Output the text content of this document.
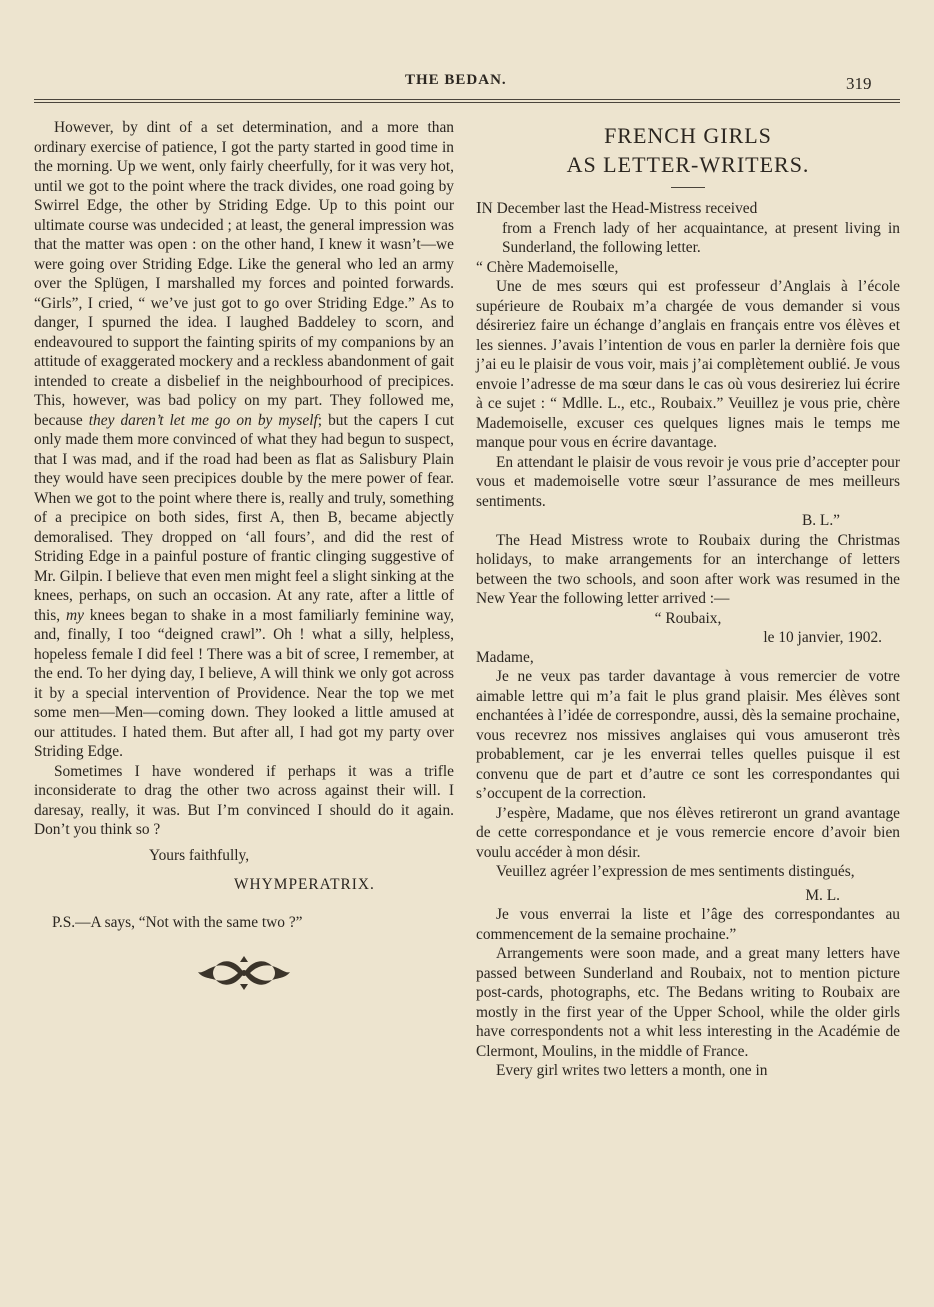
THE BEDAN.	319

However, by dint of a set determination, and a more than ordinary exercise of patience, I got the party started in good time in the morning. Up we went, only fairly cheerfully, for it was very hot, until we got to the point where the track divides, one road going by Swirrel Edge, the other by Striding Edge. Up to this point our ultimate course was undecided ; at least, the general impression was that the matter was open : on the other hand, I knew it wasn’t—we were going over Striding Edge. Like the general who led an army over the Splügen, I marshalled my forces and pointed forwards. “Girls”, I cried, “ we’ve just got to go over Striding Edge.” As to danger, I spurned the idea. I laughed Baddeley to scorn, and endeavoured to support the fainting spirits of my companions by an attitude of exaggerated mockery and a reckless abandonment of gait intended to create a disbelief in the neighbourhood of precipices. This, however, was bad policy on my part. They followed me, because they daren’t let me go on by myself; but the capers I cut only made them more convinced of what they had begun to suspect, that I was mad, and if the road had been as flat as Salisbury Plain they would have seen precipices double by the mere power of fear. When we got to the point where there is, really and truly, something of a precipice on both sides, first A, then B, became abjectly demoralised. They dropped on ‘all fours’, and did the rest of Striding Edge in a painful posture of frantic clinging suggestive of Mr. Gilpin. I believe that even men might feel a slight sinking at the knees, perhaps, on such an occasion. At any rate, after a little of this, my knees began to shake in a most familiarly feminine way, and, finally, I too “deigned crawl”. Oh ! what a silly, helpless, hopeless female I did feel ! There was a bit of scree, I remember, at the end. To her dying day, I believe, A will think we only got across it by a special intervention of Providence. Near the top we met some men—Men—coming down. They looked a little amused at our attitudes. I hated them. But after all, I had got my party over Striding Edge.

Sometimes I have wondered if perhaps it was a trifle inconsiderate to drag the other two across against their will. I daresay, really, it was. But I’m convinced I should do it again. Don’t you think so ?

Yours faithfully,

WHYMPERATRIX.

P.S.—A says, “Not with the same two ?”

FRENCH GIRLS
AS LETTER-WRITERS.

IN December last the Head-Mistress received
from a French lady of her acquaintance, at present living in Sunderland, the following letter.

“ Chère Mademoiselle,

Une de mes sœurs qui est professeur d’Anglais à l’école supérieure de Roubaix m’a chargée de vous demander si vous désireriez faire un échange d’anglais en français entre vos élèves et les siennes. J’avais l’intention de vous en parler la dernière fois que j’ai eu le plaisir de vous voir, mais j’ai complètement oublié. Je vous envoie l’adresse de ma sœur dans le cas où vous desireriez lui écrire à ce sujet : “ Mdlle. L., etc., Roubaix.” Veuillez je vous prie, chère Mademoiselle, excuser ces quelques lignes mais le temps me manque pour vous en écrire davantage.

En attendant le plaisir de vous revoir je vous prie d’accepter pour vous et mademoiselle votre sœur l’assurance de mes meilleurs sentiments.

B. L.”

The Head Mistress wrote to Roubaix during the Christmas holidays, to make arrangements for an interchange of letters between the two schools, and soon after work was resumed in the New Year the following letter arrived :—

“ Roubaix,

le 10 janvier, 1902.

Madame,

Je ne veux pas tarder davantage à vous remercier de votre aimable lettre qui m’a fait le plus grand plaisir. Mes élèves sont enchantées à l’idée de correspondre, aussi, dès la semaine prochaine, vous recevrez nos missives anglaises qui vous amuseront très probablement, car je les enverrai telles quelles puisque il est convenu que de part et d’autre ce sont les correspondantes qui s’occupent de la correction.

J’espère, Madame, que nos élèves retireront un grand avantage de cette correspondance et je vous remercie encore d’avoir bien voulu accéder à mon désir.

Veuillez agréer l’expression de mes sentiments distingués,

M. L.

Je vous enverrai la liste et l’âge des correspondantes au commencement de la semaine prochaine.”

Arrangements were soon made, and a great many letters have passed between Sunderland and Roubaix, not to mention picture post-cards, photographs, etc. The Bedans writing to Roubaix are mostly in the first year of the Upper School, while the older girls have correspondents not a whit less interesting in the Académie de Clermont, Moulins, in the middle of France.

Every girl writes two letters a month, one in
